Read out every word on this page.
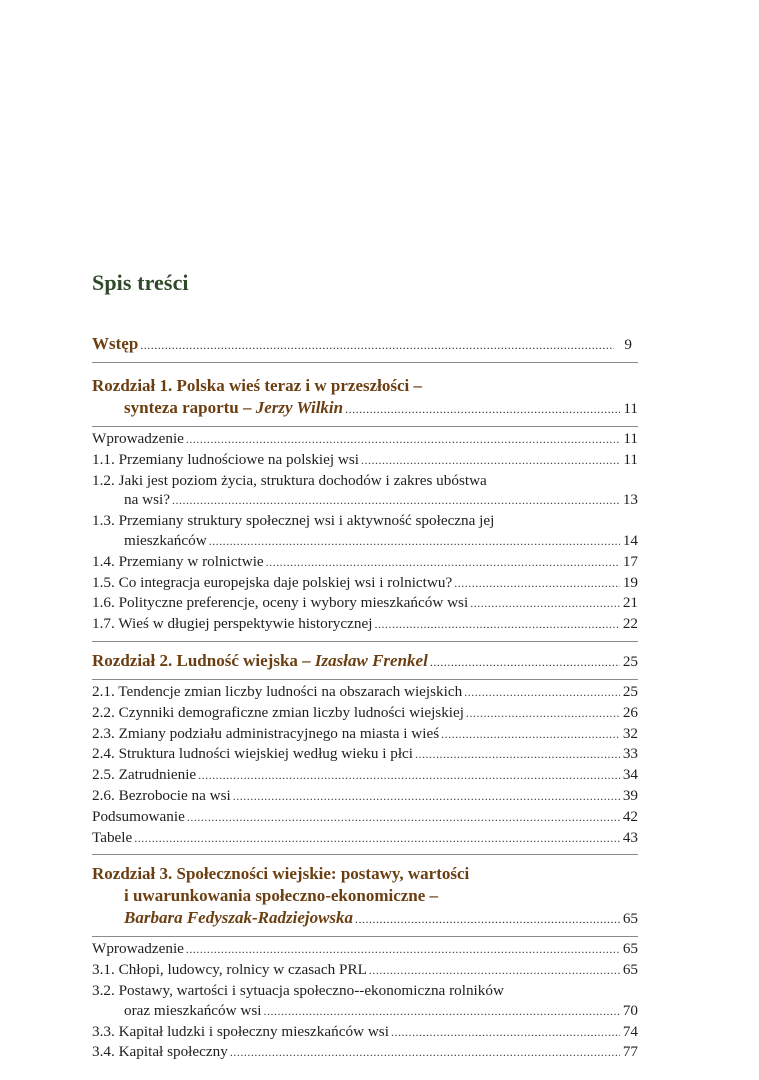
Spis treści
Wstęp .....	9
Rozdział 1. Polska wieś teraz i w przeszłości –
synteza raportu – Jerzy Wilkin .....	11
Wprowadzenie .....	11
1.1. Przemiany ludnościowe na polskiej wsi .....	11
1.2. Jaki jest poziom życia, struktura dochodów i zakres ubóstwa
na wsi? .....	13
1.3. Przemiany struktury społecznej wsi i aktywność społeczna jej
mieszkańców .....	14
1.4. Przemiany w rolnictwie .....	17
1.5. Co integracja europejska daje polskiej wsi i rolnictwu? .....	19
1.6. Polityczne preferencje, oceny i wybory mieszkańców wsi .....	21
1.7. Wieś w długiej perspektywie historycznej .....	22
Rozdział 2. Ludność wiejska – Izasław Frenkel .....	25
2.1. Tendencje zmian liczby ludności na obszarach wiejskich .....	25
2.2. Czynniki demograficzne zmian liczby ludności wiejskiej .....	26
2.3. Zmiany podziału administracyjnego na miasta i wieś .....	32
2.4. Struktura ludności wiejskiej według wieku i płci .....	33
2.5. Zatrudnienie .....	34
2.6. Bezrobocie na wsi .....	39
Podsumowanie .....	42
Tabele .....	43
Rozdział 3. Społeczności wiejskie: postawy, wartości
i uwarunkowania społeczno-ekonomiczne –
Barbara Fedyszak-Radziejowska .....	65
Wprowadzenie .....	65
3.1. Chłopi, ludowcy, rolnicy w czasach PRL .....	65
3.2. Postawy, wartości i sytuacja społeczno--ekonomiczna rolników
oraz mieszkańców wsi .....	70
3.3. Kapitał ludzki i społeczny mieszkańców wsi .....	74
3.4. Kapitał społeczny .....	77
